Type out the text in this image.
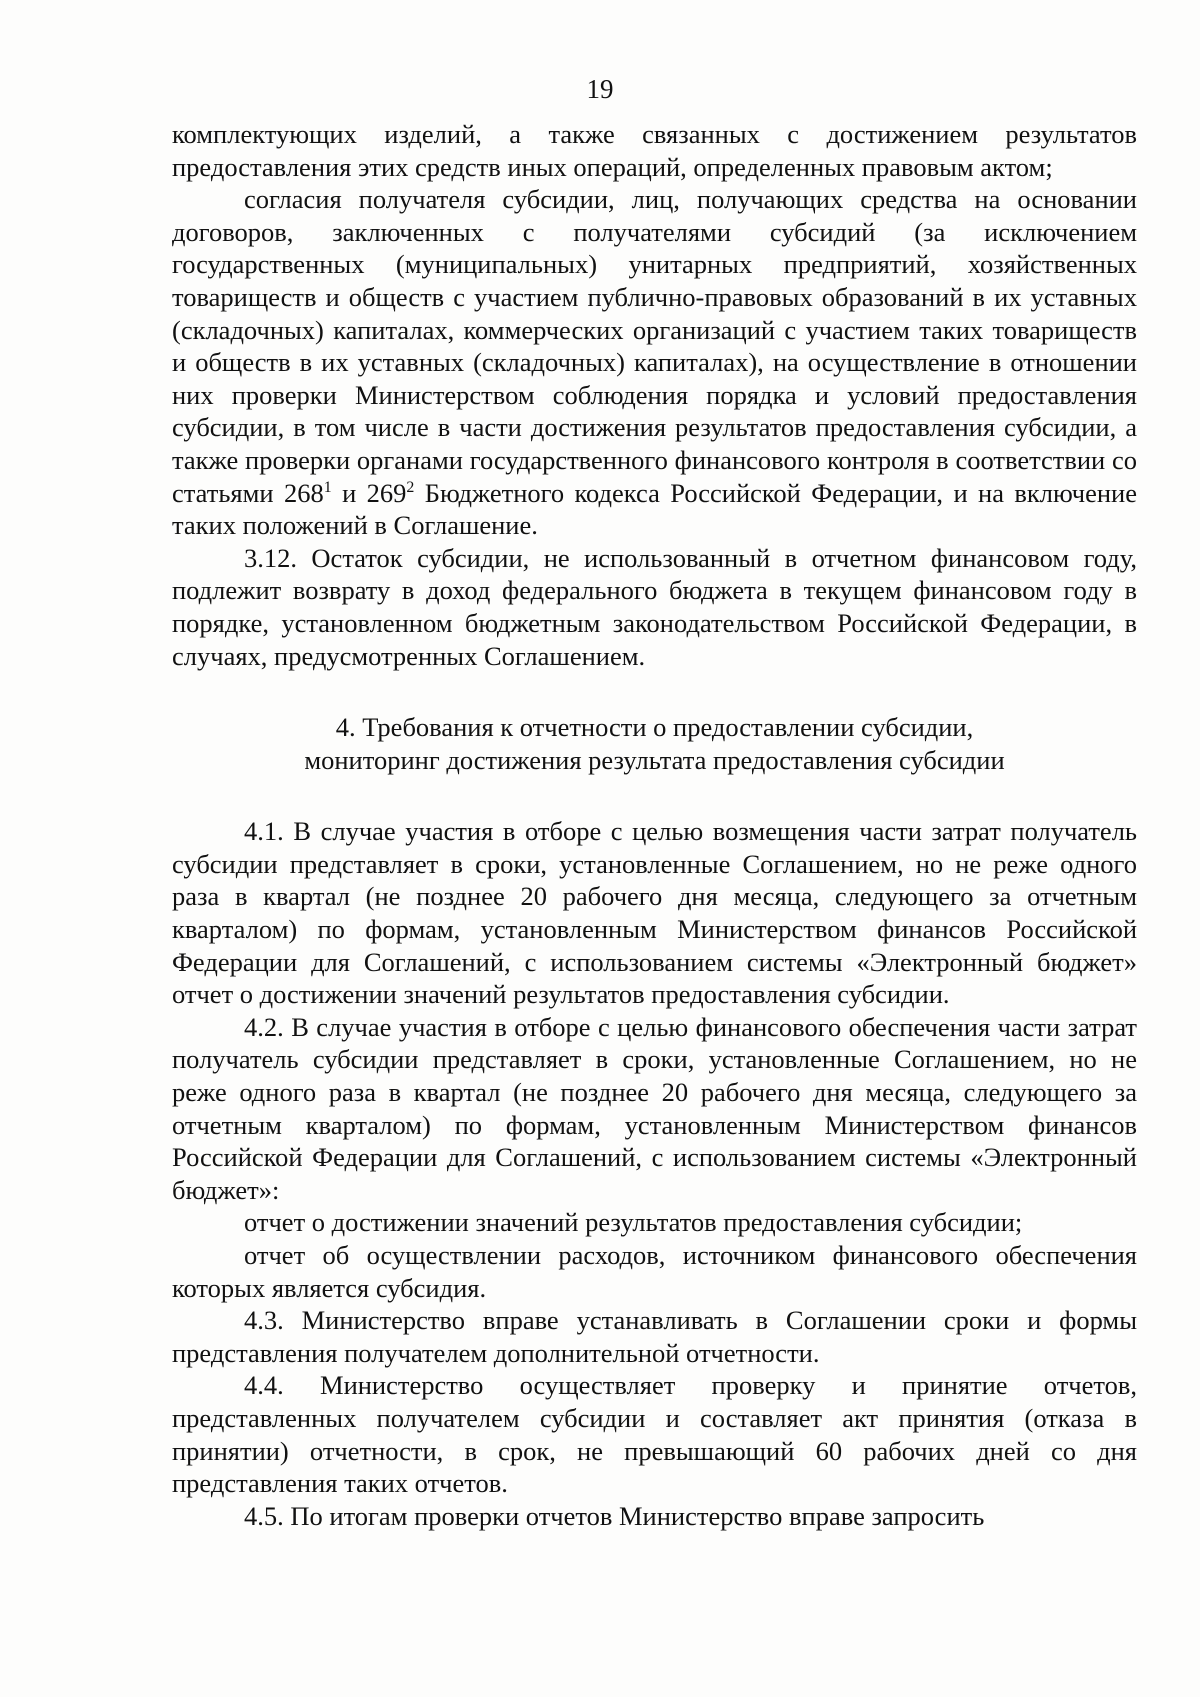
19

комплектующих изделий, а также связанных с достижением результатов предоставления этих средств иных операций, определенных правовым актом;

согласия получателя субсидии, лиц, получающих средства на основании договоров, заключенных с получателями субсидий (за исключением государственных (муниципальных) унитарных предприятий, хозяйственных товариществ и обществ с участием публично-правовых образований в их уставных (складочных) капиталах, коммерческих организаций с участием таких товариществ и обществ в их уставных (складочных) капиталах), на осуществление в отношении них проверки Министерством соблюдения порядка и условий предоставления субсидии, в том числе в части достижения результатов предоставления субсидии, а также проверки органами государственного финансового контроля в соответствии со статьями $268^1$ и $269^2$ Бюджетного кодекса Российской Федерации, и на включение таких положений в Соглашение.

3.12. Остаток субсидии, не использованный в отчетном финансовом году, подлежит возврату в доход федерального бюджета в текущем финансовом году в порядке, установленном бюджетным законодательством Российской Федерации, в случаях, предусмотренных Соглашением.

4. Требования к отчетности о предоставлении субсидии,

мониторинг достижения результата предоставления субсидии

4.1. В случае участия в отборе с целью возмещения части затрат получатель субсидии представляет в сроки, установленные Соглашением, но не реже одного раза в квартал (не позднее 20 рабочего дня месяца, следующего за отчетным кварталом) по формам, установленным Министерством финансов Российской Федерации для Соглашений, с использованием системы «Электронный бюджет» отчет о достижении значений результатов предоставления субсидии.

4.2. В случае участия в отборе с целью финансового обеспечения части затрат получатель субсидии представляет в сроки, установленные Соглашением, но не реже одного раза в квартал (не позднее 20 рабочего дня месяца, следующего за отчетным кварталом) по формам, установленным Министерством финансов Российской Федерации для Соглашений, с использованием системы «Электронный бюджет»:

отчет о достижении значений результатов предоставления субсидии;

отчет об осуществлении расходов, источником финансового обеспечения которых является субсидия.

4.3. Министерство вправе устанавливать в Соглашении сроки и формы представления получателем дополнительной отчетности.

4.4. Министерство осуществляет проверку и принятие отчетов, представленных получателем субсидии и составляет акт принятия (отказа в принятии) отчетности, в срок, не превышающий 60 рабочих дней со дня представления таких отчетов.

4.5. По итогам проверки отчетов Министерство вправе запросить
